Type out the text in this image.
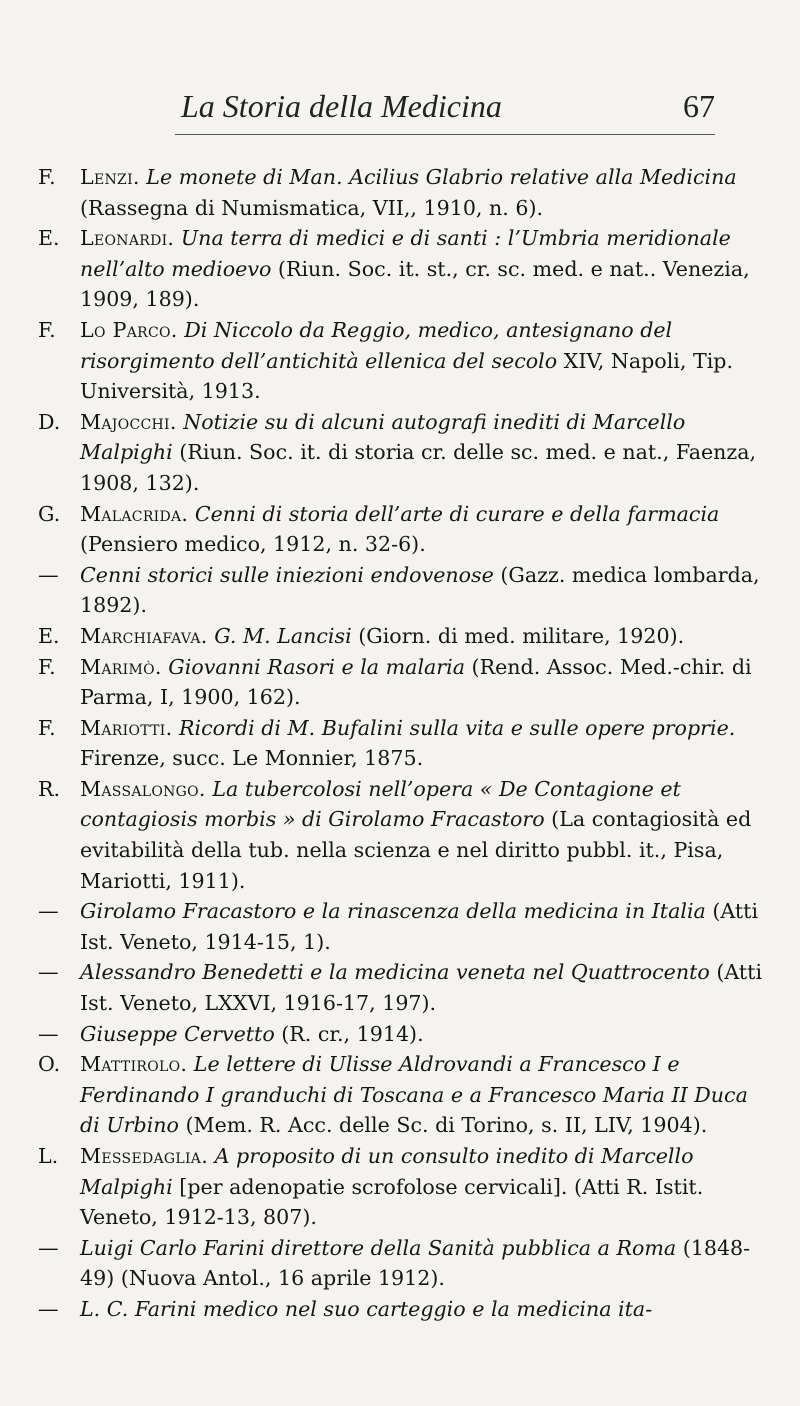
La Storia della Medicina	67

F.	Lenzi. Le monete di Man. Acilius Glabrio relative alla Medicina (Rassegna di Numismatica, VII,, 1910, n. 6).

E. Leonardi. Una terra di medici e di santi : l’Umbria meridionale nell’alto medioevo (Riun. Soc. it. st., cr. sc. med. e nat.. Venezia, 1909, 189).

F.	Lo Parco. Di Niccolo da Reggio, medico, antesignano del risorgimento dell’antichità ellenica del secolo XIV, Napoli, Tip. Università, 1913.

D. Majocchi. Notizie su di alcuni autografi inediti di Marcello Malpighi (Riun. Soc. it. di storia cr. delle sc. med. e nat., Faenza, 1908, 132).

G. Malacrida. Cenni di storia dell’arte di curare e della farmacia (Pensiero medico, 1912, n. 32-6).

—	Cenni storici sulle iniezioni endovenose (Gazz. medica lombarda, 1892).

E. Marchiafava. G. M. Lancisi (Giorn. di med. militare, 1920).

F.	Marimò. Giovanni Rasori e la malaria (Rend. Assoc. Med.-chir. di Parma, I, 1900, 162).

F.	Mariotti. Ricordi di M. Bufalini sulla vita e sulle opere proprie. Firenze, succ. Le Monnier, 1875.

R. Massalongo. La tubercolosi nell’opera « De Contagione et contagiosis morbis » di Girolamo Fracastoro (La contagiosità ed evitabilità della tub. nella scienza e nel diritto pubbl. it., Pisa, Mariotti, 1911).

—	Girolamo Fracastoro e la rinascenza della medicina in Italia (Atti Ist. Veneto, 1914-15, 1).

—	Alessandro Benedetti e la medicina veneta nel Quattrocento (Atti Ist. Veneto, LXXVI, 1916-17, 197).

—	Giuseppe Cervetto (R. cr., 1914).

O. Mattirolo. Le lettere di Ulisse Aldrovandi a Francesco I e Ferdinando I granduchi di Toscana e a Francesco Maria II Duca di Urbino (Mem. R. Acc. delle Sc. di Torino, s. II, LIV, 1904).

L.	Messedaglia. A proposito di un consulto inedito di Marcello Malpighi [per adenopatie scrofolose cervicali]. (Atti R. Istit. Veneto, 1912-13, 807).

—	Luigi Carlo Farini direttore della Sanità pubblica a Roma (1848-49) (Nuova Antol., 16 aprile 1912).

—	L. C. Farini medico nel suo carteggio e la medicina ita-
